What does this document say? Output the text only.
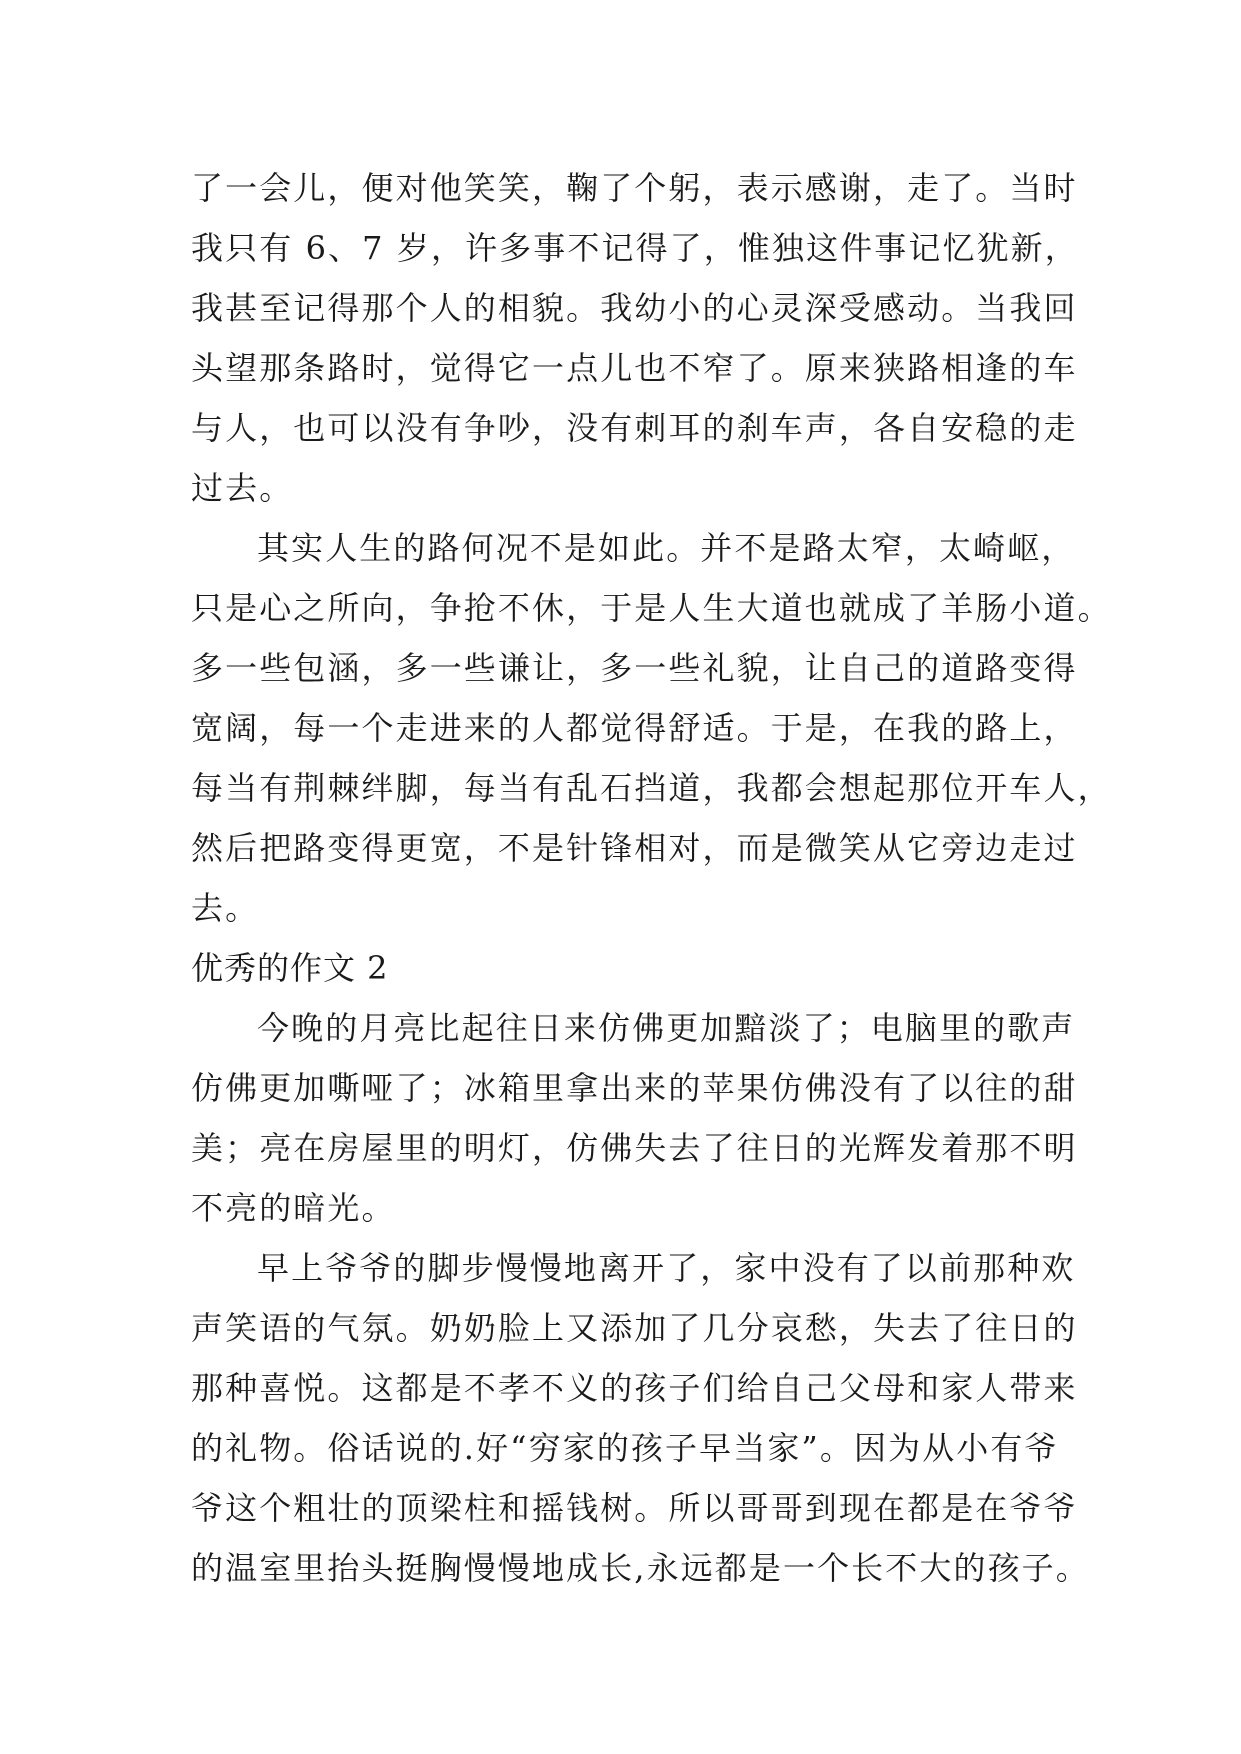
了一会儿，便对他笑笑，鞠了个躬，表示感谢，走了。当时
我只有 6、7 岁，许多事不记得了，惟独这件事记忆犹新，
我甚至记得那个人的相貌。我幼小的心灵深受感动。当我回
头望那条路时，觉得它一点儿也不窄了。原来狭路相逢的车
与人，也可以没有争吵，没有刺耳的刹车声，各自安稳的走
过去。
其实人生的路何况不是如此。并不是路太窄，太崎岖，
只是心之所向，争抢不休，于是人生大道也就成了羊肠小道。
多一些包涵，多一些谦让，多一些礼貌，让自己的道路变得
宽阔，每一个走进来的人都觉得舒适。于是，在我的路上，
每当有荆棘绊脚，每当有乱石挡道，我都会想起那位开车人，
然后把路变得更宽，不是针锋相对，而是微笑从它旁边走过
去。
优秀的作文 2
今晚的月亮比起往日来仿佛更加黯淡了；电脑里的歌声
仿佛更加嘶哑了；冰箱里拿出来的苹果仿佛没有了以往的甜
美；亮在房屋里的明灯，仿佛失去了往日的光辉发着那不明
不亮的暗光。
早上爷爷的脚步慢慢地离开了，家中没有了以前那种欢
声笑语的气氛。奶奶脸上又添加了几分哀愁，失去了往日的
那种喜悦。这都是不孝不义的孩子们给自己父母和家人带来
的礼物。俗话说的.好“穷家的孩子早当家”。因为从小有爷
爷这个粗壮的顶梁柱和摇钱树。所以哥哥到现在都是在爷爷
的温室里抬头挺胸慢慢地成长,永远都是一个长不大的孩子。
